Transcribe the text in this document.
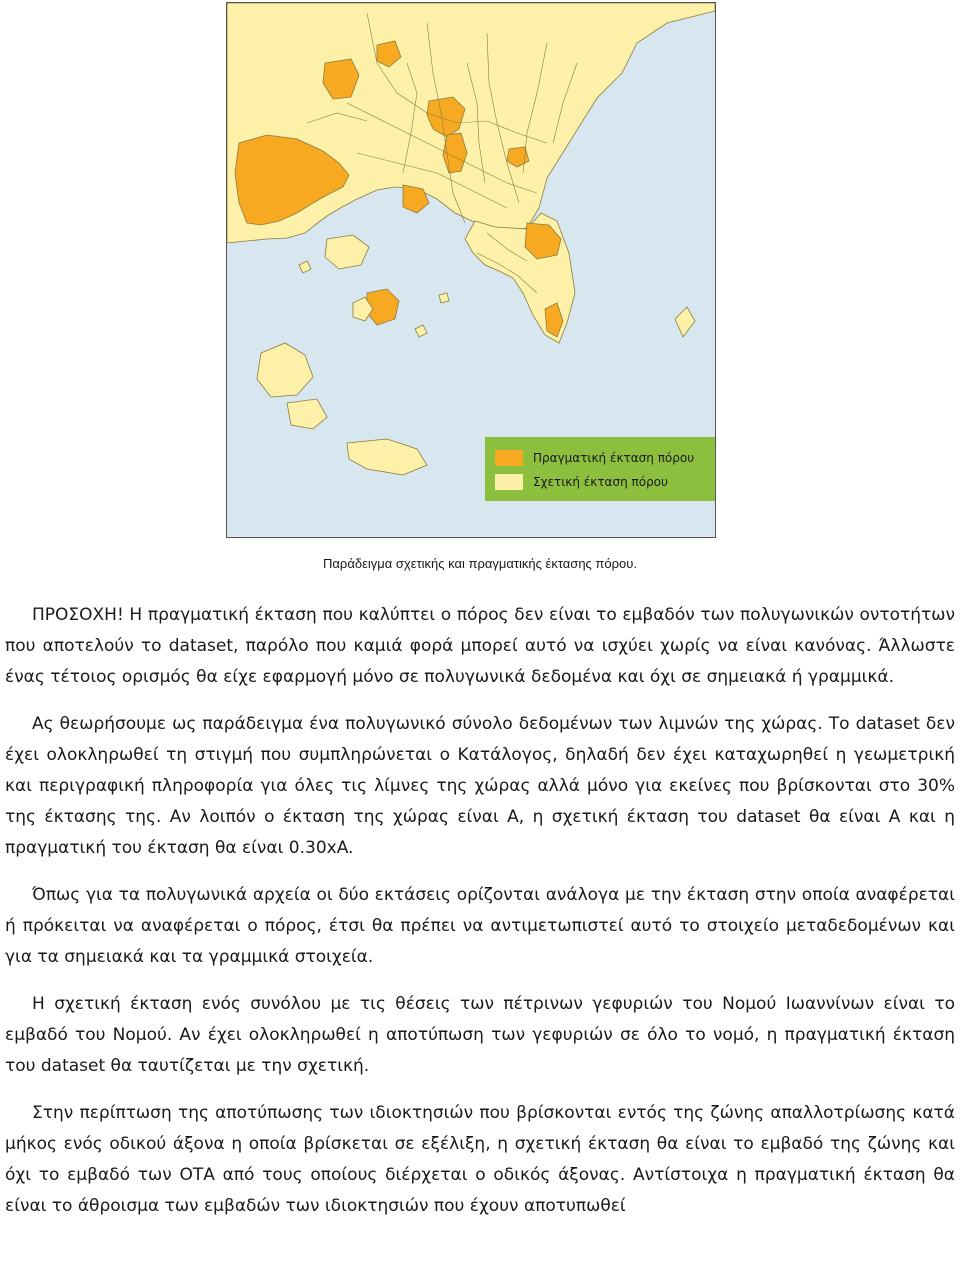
Πραγματική έκταση πόρου
Σχετική έκταση πόρου
Παράδειγμα σχετικής και πραγματικής έκτασης πόρου.

ΠΡΟΣΟΧΗ! Η πραγματική έκταση που καλύπτει ο πόρος δεν είναι το εμβαδόν των πολυγωνικών οντοτήτων που αποτελούν το dataset, παρόλο που καμιά φορά μπορεί αυτό να ισχύει χωρίς να είναι κανόνας. Άλλωστε ένας τέτοιος ορισμός θα είχε εφαρμογή μόνο σε πολυγωνικά δεδομένα και όχι σε σημειακά ή γραμμικά.

Ας θεωρήσουμε ως παράδειγμα ένα πολυγωνικό σύνολο δεδομένων των λιμνών της χώρας. Το dataset δεν έχει ολοκληρωθεί τη στιγμή που συμπληρώνεται ο Κατάλογος, δηλαδή δεν έχει καταχωρηθεί η γεωμετρική και περιγραφική πληροφορία για όλες τις λίμνες της χώρας αλλά μόνο για εκείνες που βρίσκονται στο 30% της έκτασης της. Αν λοιπόν ο έκταση της χώρας είναι Α, η σχετική έκταση του dataset θα είναι Α και η πραγματική του έκταση θα είναι 0.30xA.

Όπως για τα πολυγωνικά αρχεία οι δύο εκτάσεις ορίζονται ανάλογα με την έκταση στην οποία αναφέρεται ή πρόκειται να αναφέρεται ο πόρος, έτσι θα πρέπει να αντιμετωπιστεί αυτό το στοιχείο μεταδεδομένων και για τα σημειακά και τα γραμμικά στοιχεία.

Η σχετική έκταση ενός συνόλου με τις θέσεις των πέτρινων γεφυριών του Νομού Ιωαννίνων είναι το εμβαδό του Νομού. Αν έχει ολοκληρωθεί η αποτύπωση των γεφυριών σε όλο το νομό, η πραγματική έκταση του dataset θα ταυτίζεται με την σχετική.

Στην περίπτωση της αποτύπωσης των ιδιοκτησιών που βρίσκονται εντός της ζώνης απαλλοτρίωσης κατά μήκος ενός οδικού άξονα η οποία βρίσκεται σε εξέλιξη, η σχετική έκταση θα είναι το εμβαδό της ζώνης και όχι το εμβαδό των ΟΤΑ από τους οποίους διέρχεται ο οδικός άξονας. Αντίστοιχα η πραγματική έκταση θα είναι το άθροισμα των εμβαδών των ιδιοκτησιών που έχουν αποτυπωθεί
